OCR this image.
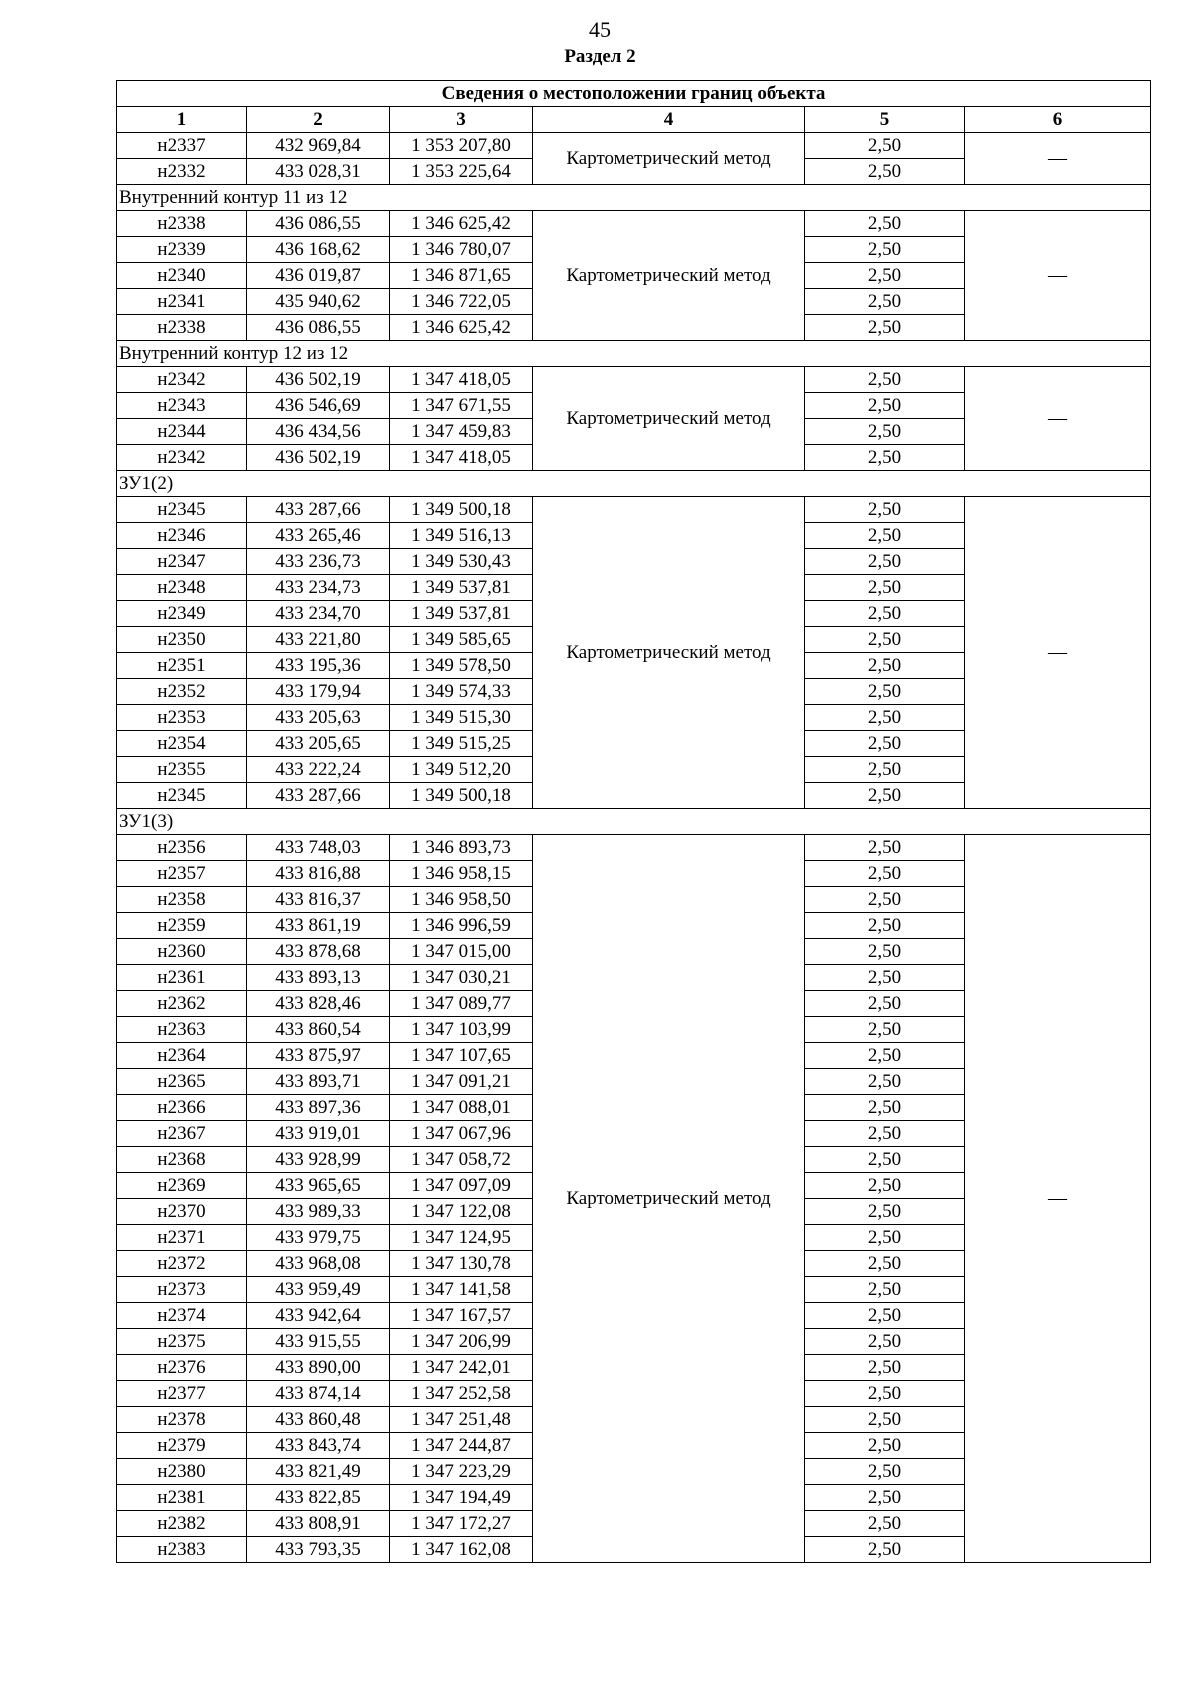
45
Раздел 2
Сведения о местоположении границ объекта					
1	2	3	4	5	6
н2337	432 969,84	1 353 207,80	Картометрический метод	2,50	—
н2332	433 028,31	1 353 225,64		2,50	
Внутренний контур 11 из 12					
н2338	436 086,55	1 346 625,42	Картометрический метод	2,50	—
н2339	436 168,62	1 346 780,07		2,50	
н2340	436 019,87	1 346 871,65		2,50	
н2341	435 940,62	1 346 722,05		2,50	
н2338	436 086,55	1 346 625,42		2,50	
Внутренний контур 12 из 12					
н2342	436 502,19	1 347 418,05	Картометрический метод	2,50	—
н2343	436 546,69	1 347 671,55		2,50	
н2344	436 434,56	1 347 459,83		2,50	
н2342	436 502,19	1 347 418,05		2,50	
ЗУ1(2)					
н2345	433 287,66	1 349 500,18	Картометрический метод	2,50	—
н2346	433 265,46	1 349 516,13		2,50	
н2347	433 236,73	1 349 530,43		2,50	
н2348	433 234,73	1 349 537,81		2,50	
н2349	433 234,70	1 349 537,81		2,50	
н2350	433 221,80	1 349 585,65		2,50	
н2351	433 195,36	1 349 578,50		2,50	
н2352	433 179,94	1 349 574,33		2,50	
н2353	433 205,63	1 349 515,30		2,50	
н2354	433 205,65	1 349 515,25		2,50	
н2355	433 222,24	1 349 512,20		2,50	
н2345	433 287,66	1 349 500,18		2,50	
ЗУ1(3)					
н2356	433 748,03	1 346 893,73	Картометрический метод	2,50	—
н2357	433 816,88	1 346 958,15		2,50	
н2358	433 816,37	1 346 958,50		2,50	
н2359	433 861,19	1 346 996,59		2,50	
н2360	433 878,68	1 347 015,00		2,50	
н2361	433 893,13	1 347 030,21		2,50	
н2362	433 828,46	1 347 089,77		2,50	
н2363	433 860,54	1 347 103,99		2,50	
н2364	433 875,97	1 347 107,65		2,50	
н2365	433 893,71	1 347 091,21		2,50	
н2366	433 897,36	1 347 088,01		2,50	
н2367	433 919,01	1 347 067,96		2,50	
н2368	433 928,99	1 347 058,72		2,50	
н2369	433 965,65	1 347 097,09		2,50	
н2370	433 989,33	1 347 122,08		2,50	
н2371	433 979,75	1 347 124,95		2,50	
н2372	433 968,08	1 347 130,78		2,50	
н2373	433 959,49	1 347 141,58		2,50	
н2374	433 942,64	1 347 167,57		2,50	
н2375	433 915,55	1 347 206,99		2,50	
н2376	433 890,00	1 347 242,01		2,50	
н2377	433 874,14	1 347 252,58		2,50	
н2378	433 860,48	1 347 251,48		2,50	
н2379	433 843,74	1 347 244,87		2,50	
н2380	433 821,49	1 347 223,29		2,50	
н2381	433 822,85	1 347 194,49		2,50	
н2382	433 808,91	1 347 172,27		2,50	
н2383	433 793,35	1 347 162,08		2,50	
